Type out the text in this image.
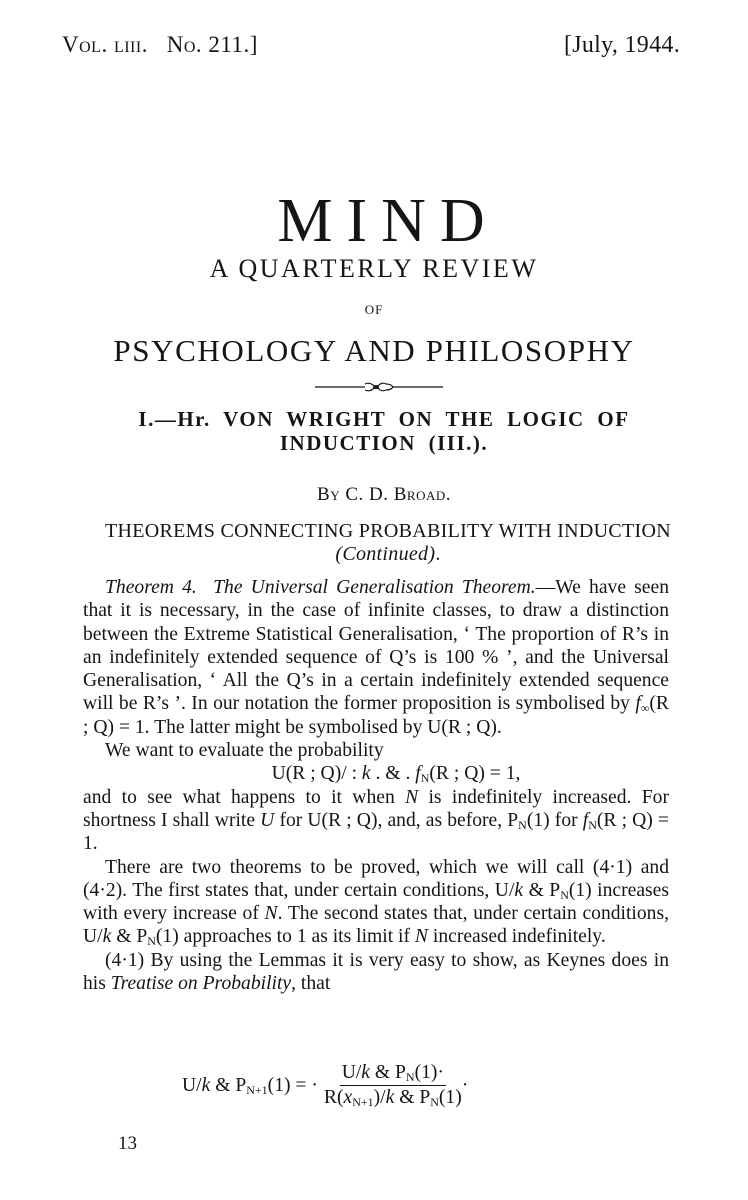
Vol. liii. No. 211.]	[July, 1944.
MIND
A QUARTERLY REVIEW
OF
PSYCHOLOGY AND PHILOSOPHY
I.—Hr. VON WRIGHT ON THE LOGIC OF
INDUCTION (III.).
By C. D. Broad.
THEOREMS CONNECTING PROBABILITY WITH INDUCTION (Continued).

Theorem 4. The Universal Generalisation Theorem.—We have seen that it is necessary, in the case of infinite classes, to draw a distinction between the Extreme Statistical Generalisation, ‘ The proportion of R’s in an indefinitely extended sequence of Q’s is 100 % ’, and the Universal Generalisation, ‘ All the Q’s in a certain indefinitely extended sequence will be R’s ’. In our notation the former proposition is symbolised by $f_\infty(R$ ; Q) = 1. The latter might be symbolised by U(R ; Q).

We want to evaluate the probability

U(R ; Q)/ : k . & . $f_N(R$ ; Q) = 1,

and to see what happens to it when N is indefinitely increased. For shortness I shall write U for U(R ; Q), and, as before, $P_N(1)$ for $f_N(R$ ; Q) = 1.

There are two theorems to be proved, which we will call (4·1) and (4·2). The first states that, under certain conditions, U/k & $P_N(1)$ increases with every increase of N. The second states that, under certain conditions, U/k & $P_N(1)$ approaches to 1 as its limit if N increased indefinitely.

(4·1) By using the Lemmas it is very easy to show, as Keynes does in his Treatise on Probability, that

U/k & $P_{N+1}(1)$ = · $\frac{U/k \& P_N(1)\cdot}{R(x_{N+1})/k \& P_N(1)}$ ·
13
